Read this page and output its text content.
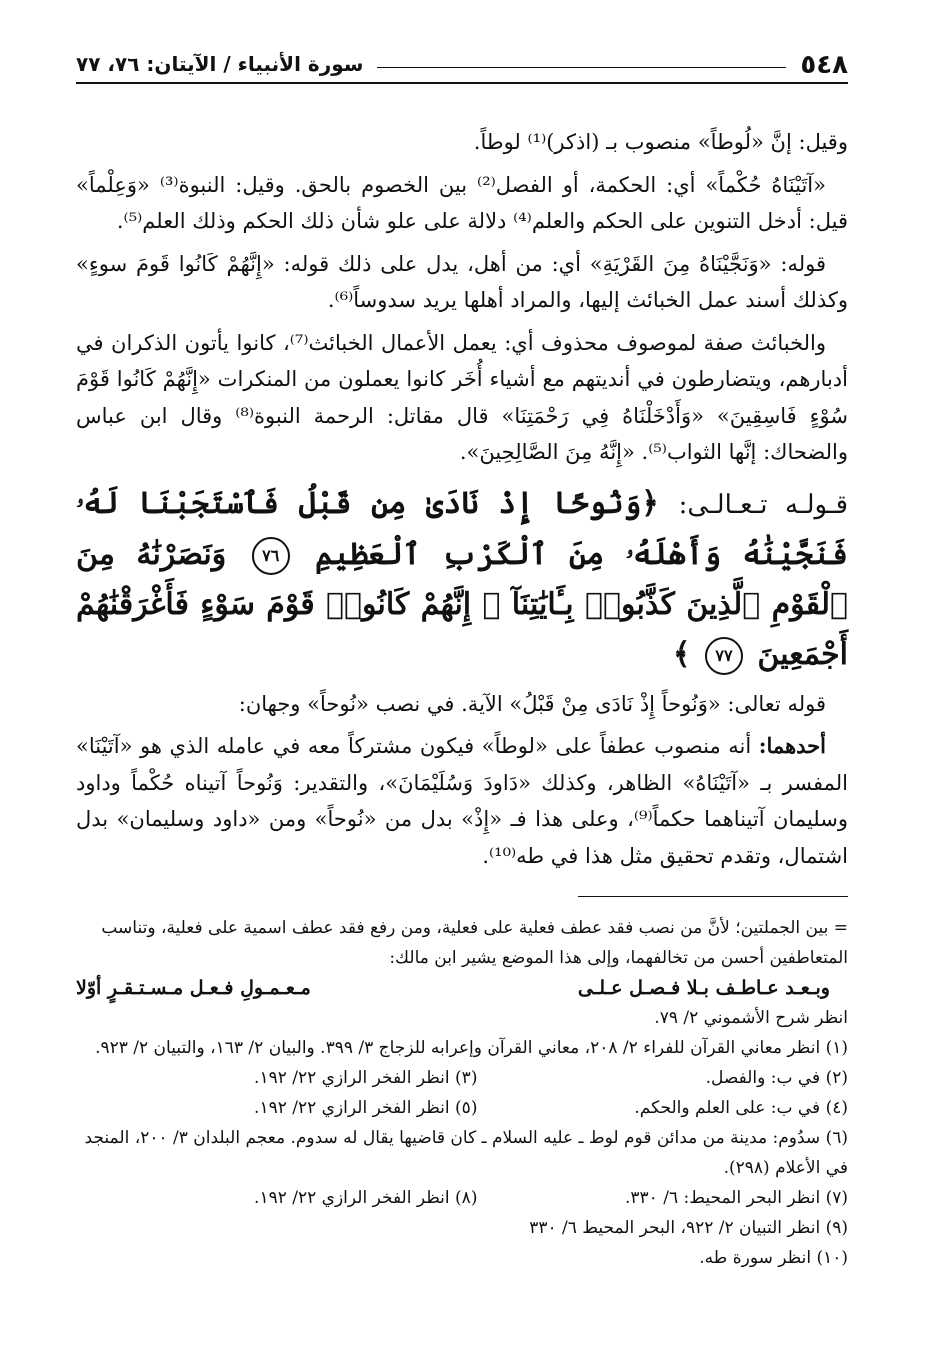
٥٤٨
سورة الأنبياء / الآيتان: ٧٦، ٧٧

وقيل: إنَّ «لُوطاً» منصوب بـ (اذكر)⁽¹⁾ لوطاً.

«آتَيْنَاهُ حُكْماً» أي: الحكمة، أو الفصل⁽²⁾ بين الخصوم بالحق. وقيل: النبوة⁽³⁾ «وَعِلْماً» قيل: أدخل التنوين على الحكم والعلم⁽⁴⁾ دلالة على علو شأن ذلك الحكم وذلك العلم⁽⁵⁾.

قوله: «وَنَجَّيْنَاهُ مِنَ القَرْيَةِ» أي: من أهل، يدل على ذلك قوله: «إِنَّهُمْ كَانُوا قَومَ سوءٍ» وكذلك أسند عمل الخبائث إليها، والمراد أهلها يريد سدوساً⁽⁶⁾.

والخبائث صفة لموصوف محذوف أي: يعمل الأعمال الخبائث⁽⁷⁾، كانوا يأتون الذكران في أدبارهم، ويتضارطون في أنديتهم مع أشياء أُخَر كانوا يعملون من المنكرات «إِنَّهُمْ كَانُوا قَوْمَ سُوْءٍ فَاسِقِينَ» «وَأَدْخَلْنَاهُ فِي رَحْمَتِنَا» قال مقاتل: الرحمة النبوة⁽⁸⁾ وقال ابن عباس والضحاك: إنَّها الثواب⁽⁵⁾. «إِنَّهُ مِنَ الصَّالِحِينَ».

قـولـه تـعـالـى: ﴿وَنُوحًا إِذْ نَادَىٰ مِن قَبْلُ فَٱسْتَجَبْنَا لَهُۥ فَنَجَّيْنَٰهُ وَأَهْلَهُۥ مِنَ ٱلْكَرْبِ ٱلْعَظِيمِ ٧٦ وَنَصَرْنَٰهُ مِنَ ٱلْقَوْمِ ٱلَّذِينَ كَذَّبُوا۟ بِـَٔايَٰتِنَآ ۚ إِنَّهُمْ كَانُوا۟ قَوْمَ سَوْءٍ فَأَغْرَقْنَٰهُمْ أَجْمَعِينَ ٧٧ ﴾

قوله تعالى: «وَنُوحاً إِذْ نَادَى مِنْ قَبْلُ» الآية. في نصب «نُوحاً» وجهان:

أحدهما: أنه منصوب عطفاً على «لوطاً» فيكون مشتركاً معه في عامله الذي هو «آتَيْنَا» المفسر بـ «آتَيْنَاهُ» الظاهر، وكذلك «دَاودَ وَسُلَيْمَانَ»، والتقدير: وَنُوحاً آتيناه حُكْماً وداود وسليمان آتيناهما حكماً⁽⁹⁾، وعلى هذا فـ «إِذْ» بدل من «نُوحاً» ومن «داود وسليمان» بدل اشتمال، وتقدم تحقيق مثل هذا في طه⁽¹⁰⁾.

= بين الجملتين؛ لأنَّ من نصب فقد عطف فعلية على فعلية، ومن رفع فقد عطف اسمية على فعلية، وتناسب المتعاطفين أحسن من تخالفهما، وإلى هذا الموضع يشير ابن مالك:

وبـعـد عـاطـف بـلا فـصـل عـلـى
مـعـمـولِ فـعـل مـسـتـقـرٍ أوّلا

انظر شرح الأشموني ٢/ ٧٩.

(١) انظر معاني القرآن للفراء ٢/ ٢٠٨، معاني القرآن وإعرابه للزجاج ٣/ ٣٩٩. والبيان ٢/ ١٦٣، والتبيان ٢/ ٩٢٣.

(٢) في ب: والفصل.
(٣) انظر الفخر الرازي ٢٢/ ١٩٢.
(٤) في ب: على العلم والحكم.
(٥) انظر الفخر الرازي ٢٢/ ١٩٢.

(٦) سدُوم: مدينة من مدائن قوم لوط ـ عليه السلام ـ كان قاضيها يقال له سدوم. معجم البلدان ٣/ ٢٠٠، المنجد في الأعلام (٢٩٨).

(٧) انظر البحر المحيط: ٦/ ٣٣٠.
(٨) انظر الفخر الرازي ٢٢/ ١٩٢.

(٩) انظر التبيان ٢/ ٩٢٢، البحر المحيط ٦/ ٣٣٠

(١٠) انظر سورة طه.
